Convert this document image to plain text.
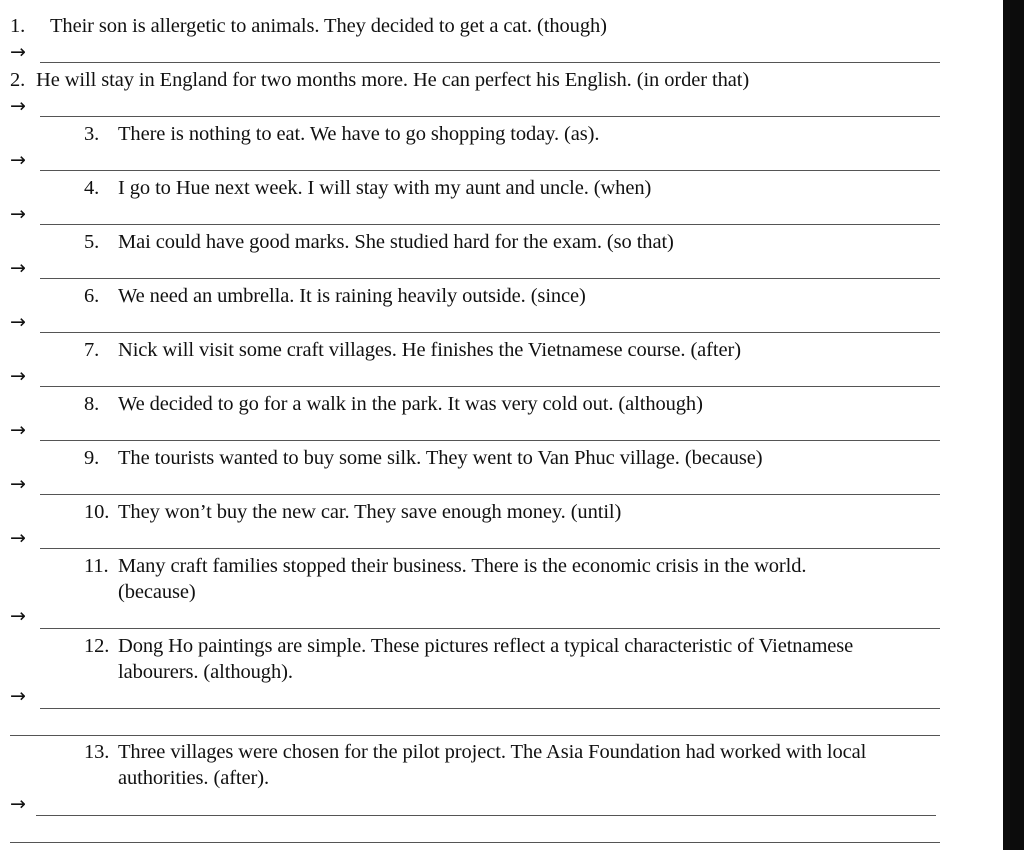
1. Their son is allergetic to animals. They decided to get a cat. (though)
→
2. He will stay in England for two months more. He can perfect his English. (in order that)
→
3. There is nothing to eat. We have to go shopping today. (as).
→
4. I go to Hue next week. I will stay with my aunt and uncle. (when)
→
5. Mai could have good marks. She studied hard for the exam. (so that)
→
6. We need an umbrella. It is raining heavily outside. (since)
→
7. Nick will visit some craft villages. He finishes the Vietnamese course. (after)
→
8. We decided to go for a walk in the park. It was very cold out. (although)
→
9. The tourists wanted to buy some silk. They went to Van Phuc village. (because)
→
10. They won’t buy the new car. They save enough money. (until)
→
11. Many craft families stopped their business. There is the economic crisis in the world.
(because)
→
12. Dong Ho paintings are simple. These pictures reflect a typical characteristic of Vietnamese
labourers. (although).
→
13. Three villages were chosen for the pilot project. The Asia Foundation had worked with local
authorities. (after).
→
